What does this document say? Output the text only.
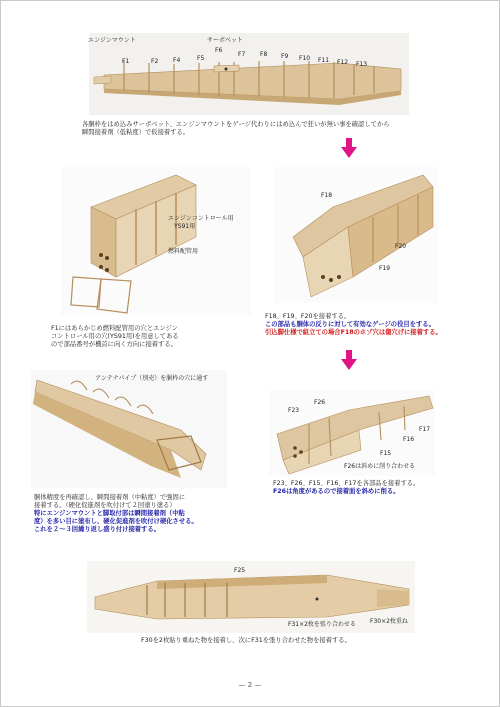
エンジンマウント	サーボベット
F1	F2 F4	F5
F6
F7 F8 F9 F10 F11 F12 F13
各胴枠をはめ込みサーボベット、エンジンマウントをゲージ代わりにはめ込んで狂いが無い事を確認してから
瞬間接着剤（低粘度）で仮接着する。
エンジンコントロール用
YS91用
燃料配管用
F1にはあらかじめ燃料配管用の穴とエンジン
コントロール用の穴(YS91用)を用意してある
ので部品番号が機首に向く方向に接着する。
F18
F20
F19
F18、F19、F20を接着する。
この部品も胴体の反りに対して有効なゲージの役目をする。
引込脚仕様で組立ての場合F18のホゾ穴は傷穴げに接着する。
アンテナパイプ（別売）を胴枠の穴に通す
胴体精度を再確認し、瞬間接着剤（中粘度）で強固に
接着する。（硬化促進剤を吹付けて２回塗り塗る）
特にエンジンマウントと脚取付部は瞬間接着剤（中粘
度）を多い目に塗布し、硬化促進剤を吹付け硬化させる。
これを２〜３回繰り返し盛り付け接着する。
F26
F23
F17
F16
F15
F26は斜めに削り合わせる
F23、F26、F15、F16、F17を各部品を接着する。
F26は角度があるので接着面を斜めに削る。
F25
F31×2枚を張り合わせる F30×2枚重ね
F30を2枚貼り重ねた物を接着し、次にF31を張り合わせた物を接着する。
— 2 —
